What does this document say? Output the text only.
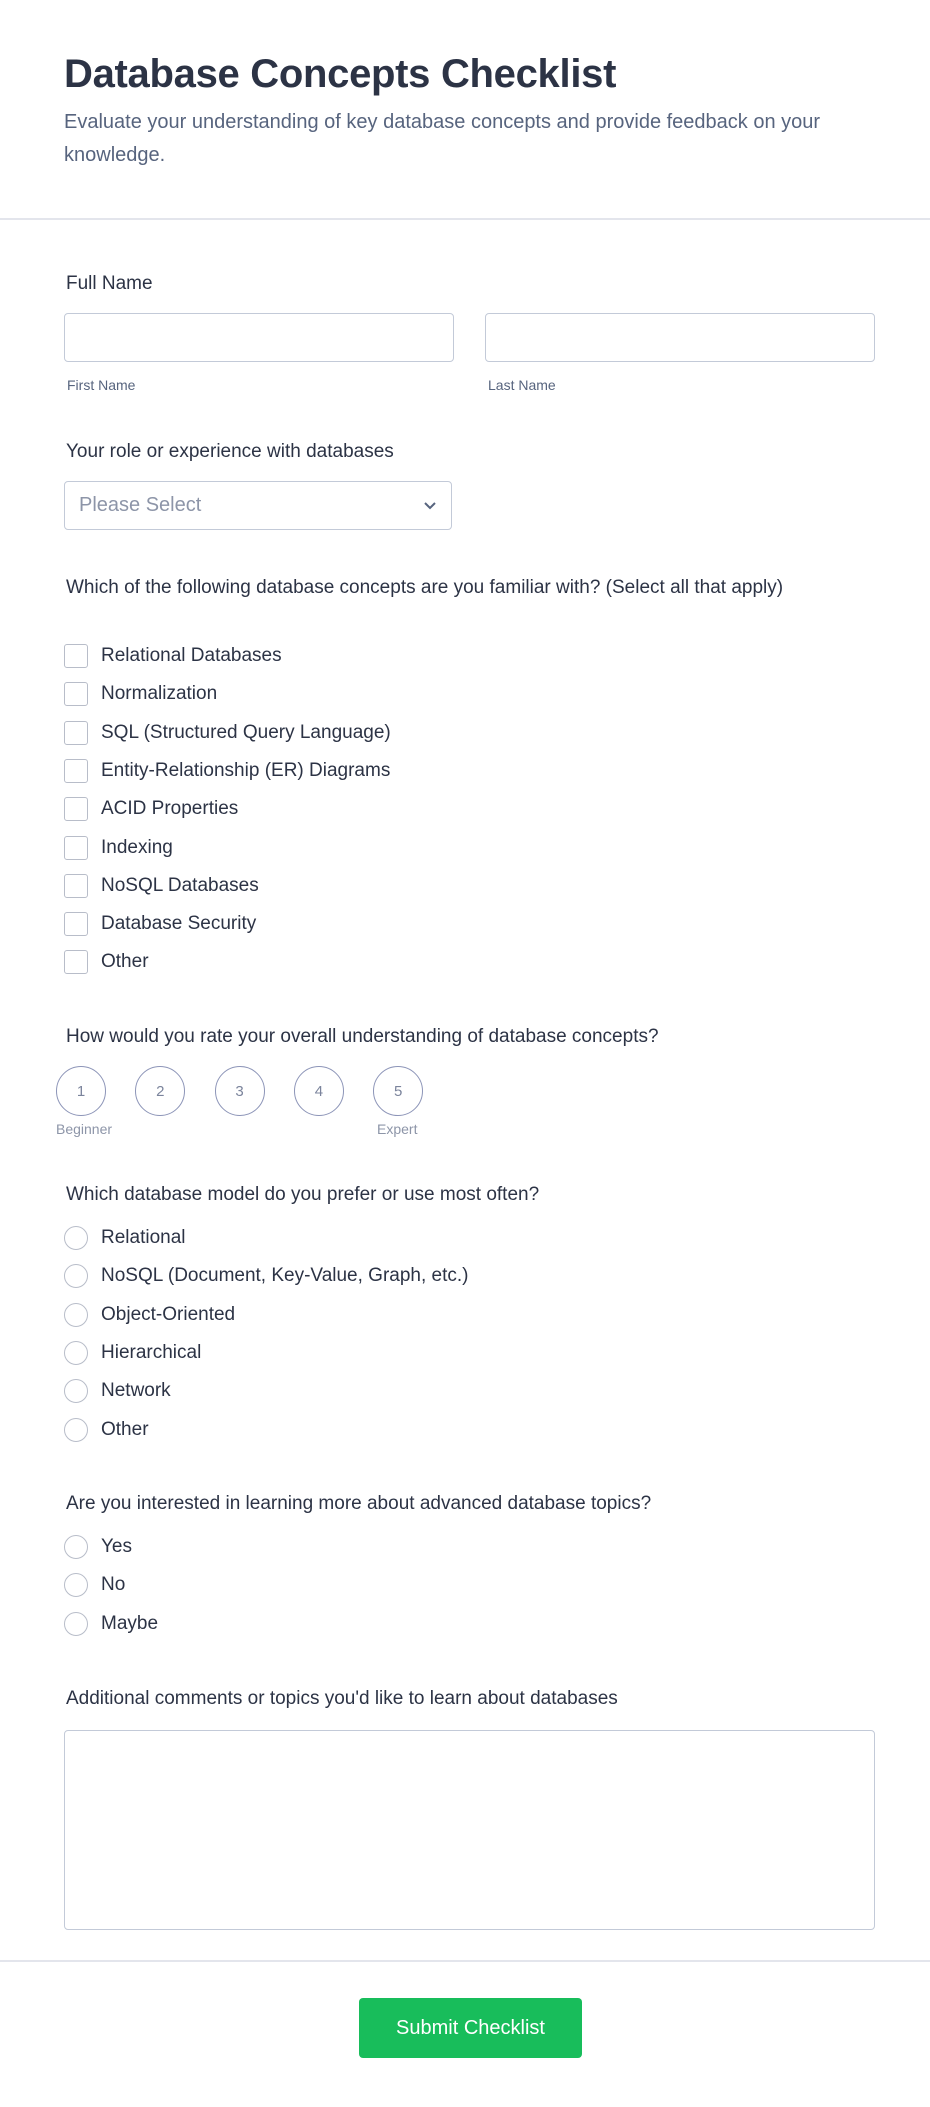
Database Concepts Checklist

Evaluate your understanding of key database concepts and provide feedback on your knowledge.

Full Name
First Name	Last Name
Your role or experience with databases
Please Select
Which of the following database concepts are you familiar with? (Select all that apply)
Relational Databases
Normalization
SQL (Structured Query Language)
Entity-Relationship (ER) Diagrams
ACID Properties
Indexing
NoSQL Databases
Database Security
Other
How would you rate your overall understanding of database concepts?
1	2	3	4	5
Beginner	Expert
Which database model do you prefer or use most often?
Relational
NoSQL (Document, Key-Value, Graph, etc.)
Object-Oriented
Hierarchical
Network
Other
Are you interested in learning more about advanced database topics?
Yes
No
Maybe
Additional comments or topics you'd like to learn about databases
Submit Checklist
